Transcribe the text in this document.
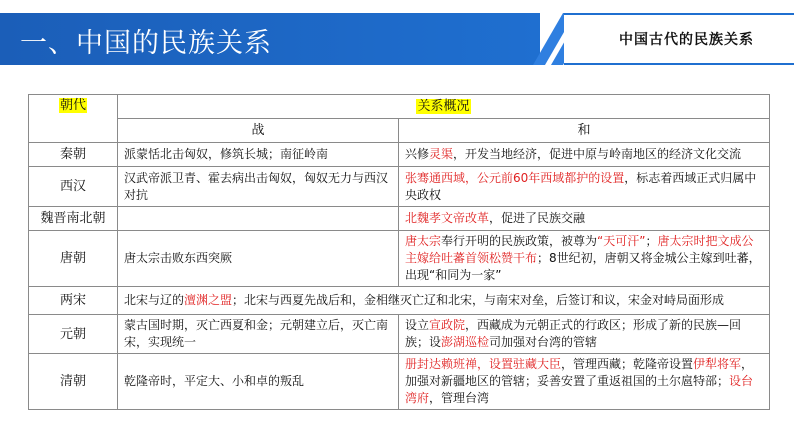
一、中国的民族关系	中国古代的民族关系
朝代	关系概况	
	战	和
秦朝	派蒙恬北击匈奴，修筑长城；南征岭南	兴修灵渠，开发当地经济，促进中原与岭南地区的经济文化交流
西汉	汉武帝派卫青、霍去病出击匈奴，匈奴无力与西汉对抗	张骞通西域，公元前60年西域都护的设置，标志着西域正式归属中央政权
魏晋南北朝		北魏孝文帝改革，促进了民族交融
唐朝	唐太宗击败东西突厥	唐太宗奉行开明的民族政策，被尊为“天可汗”；唐太宗时把文成公主嫁给吐蕃首领松赞干布；8世纪初，唐朝又将金城公主嫁到吐蕃，出现“和同为一家”
两宋	北宋与辽的澶渊之盟；北宋与西夏先战后和，金相继灭亡辽和北宋，与南宋对垒，后签订和议，宋金对峙局面形成	
元朝	蒙古国时期，灭亡西夏和金；元朝建立后，灭亡南宋，实现统一	设立宣政院，西藏成为元朝正式的行政区；形成了新的民族—回族；设澎湖巡检司加强对台湾的管辖
清朝	乾隆帝时，平定大、小和卓的叛乱	册封达赖班禅，设置驻藏大臣，管理西藏；乾隆帝设置伊犁将军，加强对新疆地区的管辖；妥善安置了重返祖国的土尔扈特部；设台湾府，管理台湾
